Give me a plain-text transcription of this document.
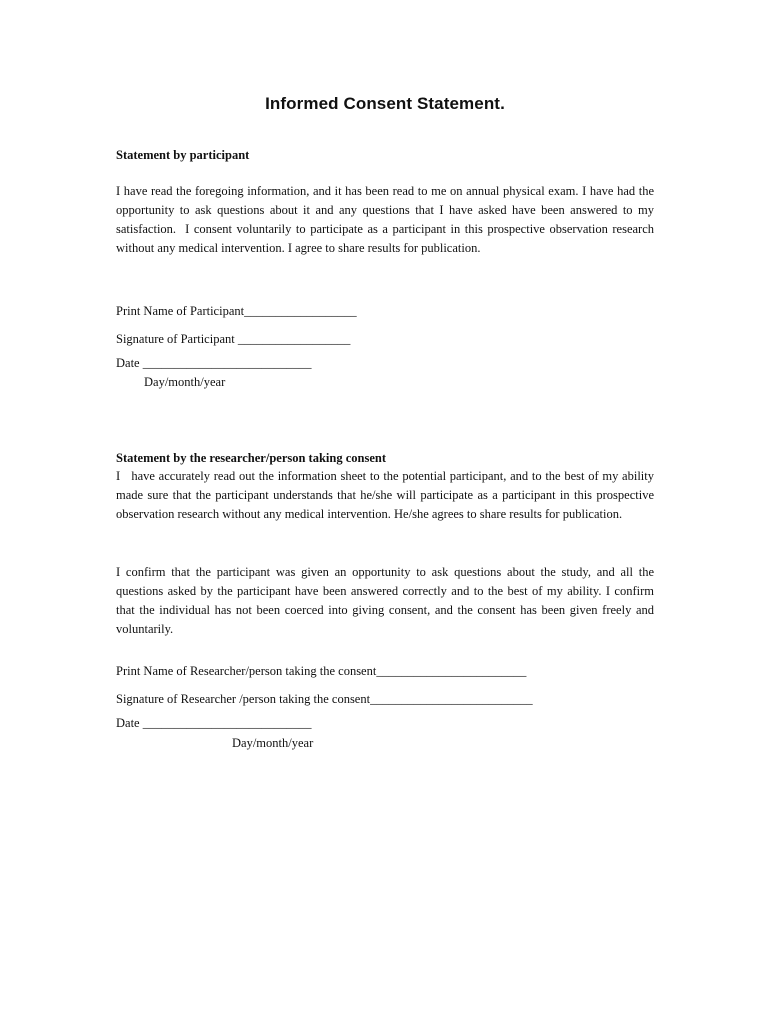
Informed Consent Statement.
Statement by participant
I have read the foregoing information, and it has been read to me on annual physical exam. I have had the opportunity to ask questions about it and any questions that I have asked have been answered to my satisfaction.  I consent voluntarily to participate as a participant in this prospective observation research without any medical intervention. I agree to share results for publication.
Print Name of Participant__________________
Signature of Participant __________________
Date ___________________________
Day/month/year
Statement by the researcher/person taking consent
I   have accurately read out the information sheet to the potential participant, and to the best of my ability made sure that the participant understands that he/she will participate as a participant in this prospective observation research without any medical intervention. He/she agrees to share results for publication.
I confirm that the participant was given an opportunity to ask questions about the study, and all the questions asked by the participant have been answered correctly and to the best of my ability. I confirm that the individual has not been coerced into giving consent, and the consent has been given freely and voluntarily.
Print Name of Researcher/person taking the consent________________________
Signature of Researcher /person taking the consent__________________________
Date ___________________________
Day/month/year
